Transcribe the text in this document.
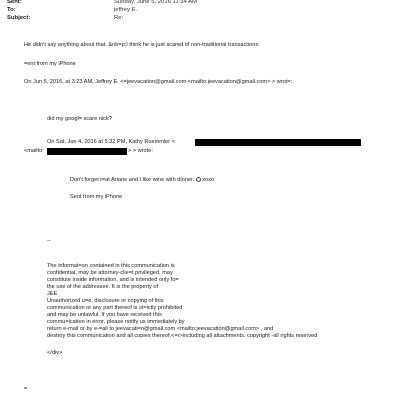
Sent:	Sunday, June 5, 2016 11:34 AM
To:	jeffrey E.
Subject:	Re:
He didn't say anything about that. &nb=p;I think he is just scared of non-traditional transactions.
=ent from my iPhone
On Jun 5, 2016, at 3:23 AM, Jeffrey E. <=jeevacation@gmail.com <mailto:jeevacation@gmail.com> > wrot=:
did my googl= scare nick?
On Sat, Jun 4, 2016 at 5:32 PM, Kathy Ruemmler <
<mailto:	> > wrote:
Don't forget t=at Ariane and I like wine with dinner. xoxo
Sent from my iPhone
--
The informat=on contained in this communication is
confidential, may be attorney-clie=t privileged, may
constitute inside information, and is intended only fo=
the use of the addressee. It is the property of
JEE
Unauthorized u=e, disclosure or copying of this
communication or any part thereof is st=ictly prohibited
and may be unlawful. If you have received this
commu=ication in error, please notify us immediately by
return e-mail or by e-=ail to jeevacati=n@gmail.com <mailto:jeevacation@gmail.com> , and
destroy this communication and all copies thereof,<=r>including all attachments. copyright -all rights reserved
</div>
=
